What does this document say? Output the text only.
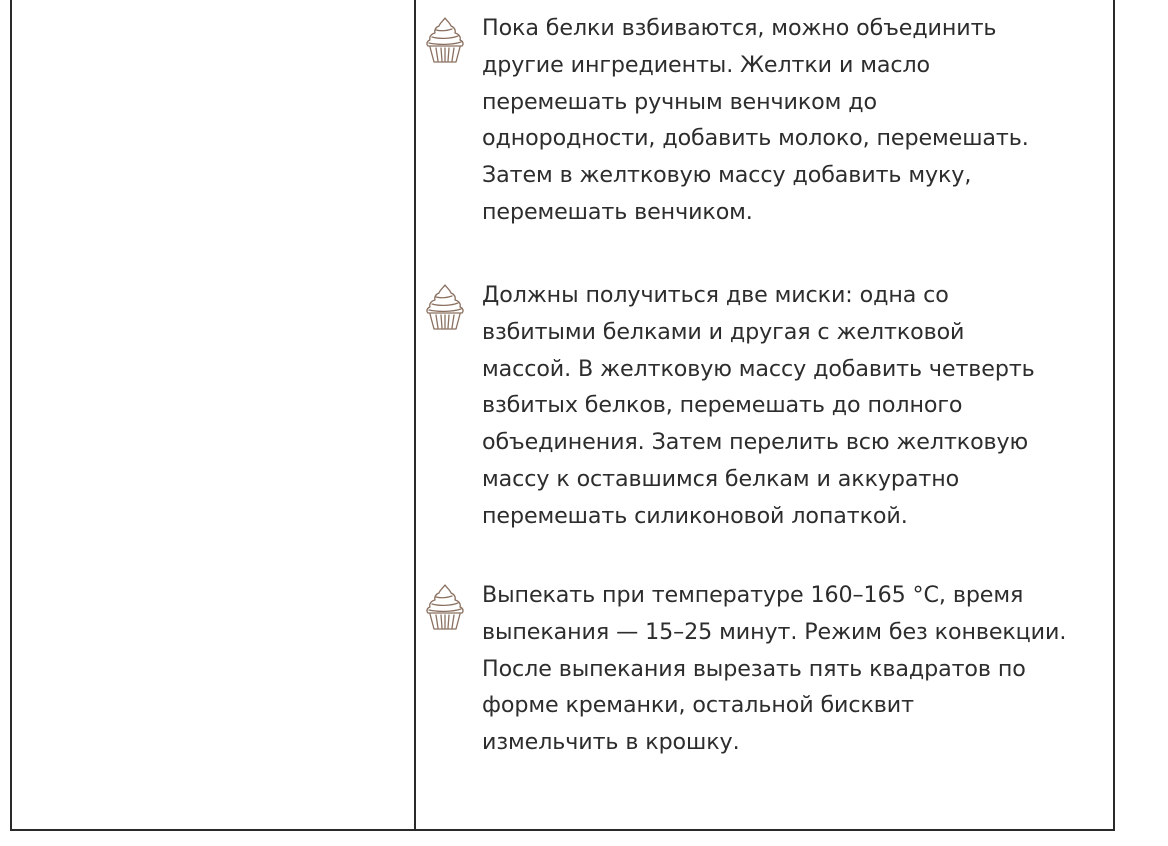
Пока белки взбиваются, можно объединить
другие ингредиенты. Желтки и масло
перемешать ручным венчиком до
однородности, добавить молоко, перемешать.
Затем в желтковую массу добавить муку,
перемешать венчиком.
Должны получиться две миски: одна со
взбитыми белками и другая с желтковой
массой. В желтковую массу добавить четверть
взбитых белков, перемешать до полного
объединения. Затем перелить всю желтковую
массу к оставшимся белкам и аккуратно
перемешать силиконовой лопаткой.
Выпекать при температуре 160–165 °C, время
выпекания — 15–25 минут. Режим без конвекции.
После выпекания вырезать пять квадратов по
форме креманки, остальной бисквит
измельчить в крошку.
